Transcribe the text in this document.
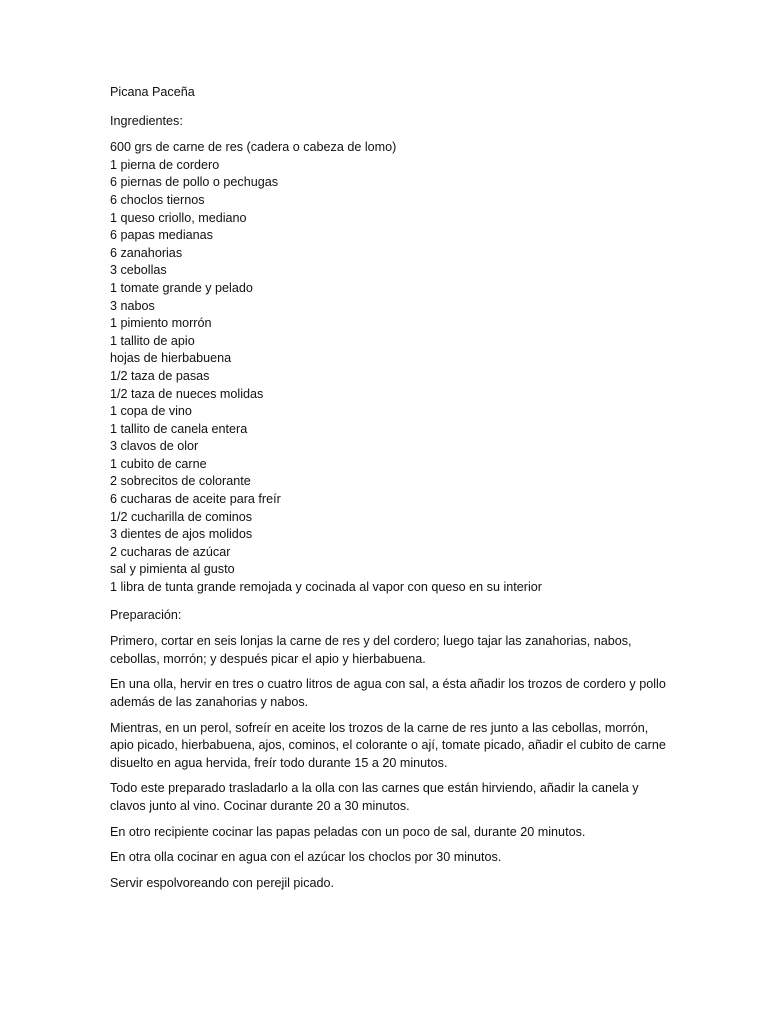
Picana Paceña
Ingredientes:
600 grs de carne de res (cadera o cabeza de lomo)
1 pierna de cordero
6 piernas de pollo o pechugas
6 choclos tiernos
1 queso criollo, mediano
6 papas medianas
6 zanahorias
3 cebollas
1 tomate grande y pelado
3 nabos
1 pimiento morrón
1 tallito de apio
hojas de hierbabuena
1/2 taza de pasas
1/2 taza de nueces molidas
1 copa de vino
1 tallito de canela entera
3 clavos de olor
1 cubito de carne
2 sobrecitos de colorante
6 cucharas de aceite para freír
1/2 cucharilla de cominos
3 dientes de ajos molidos
2 cucharas de azúcar
sal y pimienta al gusto
1 libra de tunta grande remojada y cocinada al vapor con queso en su interior
Preparación:

Primero, cortar en seis lonjas la carne de res y del cordero; luego tajar las zanahorias, nabos, cebollas, morrón; y después picar el apio y hierbabuena.

En una olla, hervir en tres o cuatro litros de agua con sal, a ésta añadir los trozos de cordero y pollo además de las zanahorias y nabos.

Mientras, en un perol, sofreír en aceite los trozos de la carne de res junto a las cebollas, morrón, apio picado, hierbabuena, ajos, cominos, el colorante o ají, tomate picado, añadir el cubito de carne disuelto en agua hervida, freír todo durante 15 a 20 minutos.

Todo este preparado trasladarlo a la olla con las carnes que están hirviendo, añadir la canela y clavos junto al vino. Cocinar durante 20 a 30 minutos.

En otro recipiente cocinar las papas peladas con un poco de sal, durante 20 minutos.

En otra olla cocinar en agua con el azúcar los choclos por 30 minutos.

Servir espolvoreando con perejil picado.
